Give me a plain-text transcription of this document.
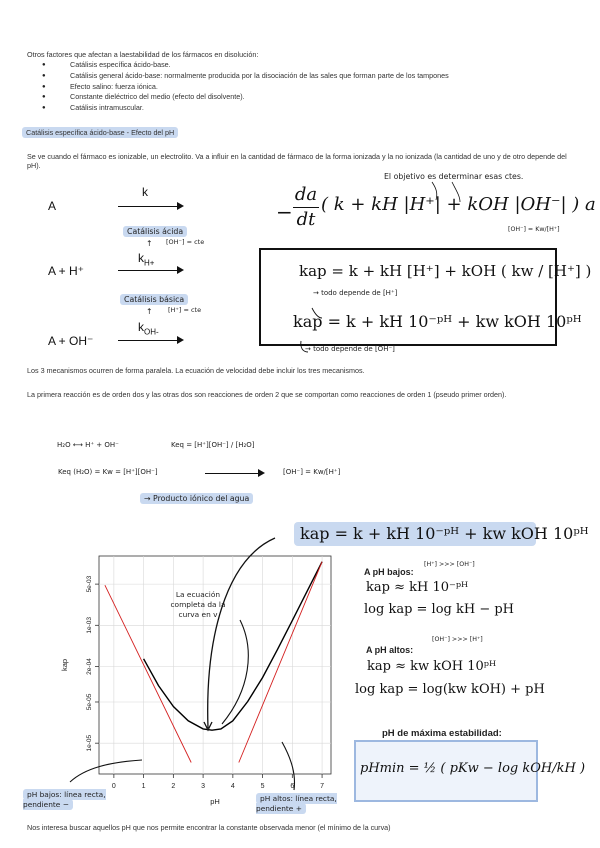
Otros factores que afectan a laestabilidad de los fármacos en disolución:
● Catálisis específica ácido-base.
● Catálisis general ácido-base: normalmente producida por la disociación de las sales que forman parte de los tampones
● Efecto salino: fuerza iónica.
● Constante dieléctrico del medio (efecto del disolvente).
● Catálisis intramuscular.
Catálisis específica ácido-base - Efecto del pH
Se ve cuando el fármaco es ionizable, un electrolito. Va a influir en la cantidad de fármaco de la forma ionizada y la no ionizada (la cantidad de uno y de otro depende del pH).
A
k
Catálisis ácida
↑ [OH⁻] = cte
A + H⁺
$k_{H+}$
Catálisis básica
↑ [H⁺] = cte
A + OH⁻
$k_{OH-}$
El objetivo es determinar esas ctes.
−
da
dt
( k + kH |H⁺| + kOH |OH⁻| ) a
[OH⁻] = Kw/[H⁺]
kap = k + kH [H⁺] + kOH ( kw / [H⁺] )
→ todo depende de [H⁺]
kap = k + kH 10⁻ᵖᴴ + kw kOH 10ᵖᴴ
→ todo depende de [OH⁻]
Los 3 mecanismos ocurren de forma paralela. La ecuación de velocidad debe incluir los tres mecanismos.
La primera reacción es de orden dos y las otras dos son reacciones de orden 2 que se comportan como reacciones de orden 1 (pseudo primer orden).
H₂O ⟷ H⁺ + OH⁻	Keq = [H⁺][OH⁻] / [H₂O]
Keq (H₂O) = Kw = [H⁺][OH⁻]	[OH⁻] = Kw/[H⁺]
→ Producto iónico del agua
kap = k + kH 10⁻ᵖᴴ + kw kOH 10ᵖᴴ
0	1	2	3	4	5	6	7
1e-05
5e-05
2e-04
1e-03
5e-03
pH
kap
La ecuación completa da la curva en v
pH bajos: línea recta, pendiente −
pH altos: línea recta, pendiente +
A pH bajos:
[H⁺] >>> [OH⁻]
kap ≈ kH 10⁻ᵖᴴ
log kap = log kH − pH
A pH altos:
[OH⁻] >>> [H⁺]
kap ≈ kw kOH 10ᵖᴴ
log kap = log(kw kOH) + pH
pH de máxima estabilidad:
pHmin = ½ ( pKw − log kOH/kH )
Nos interesa buscar aquellos pH que nos permite encontrar la constante observada menor (el mínimo de la curva)
